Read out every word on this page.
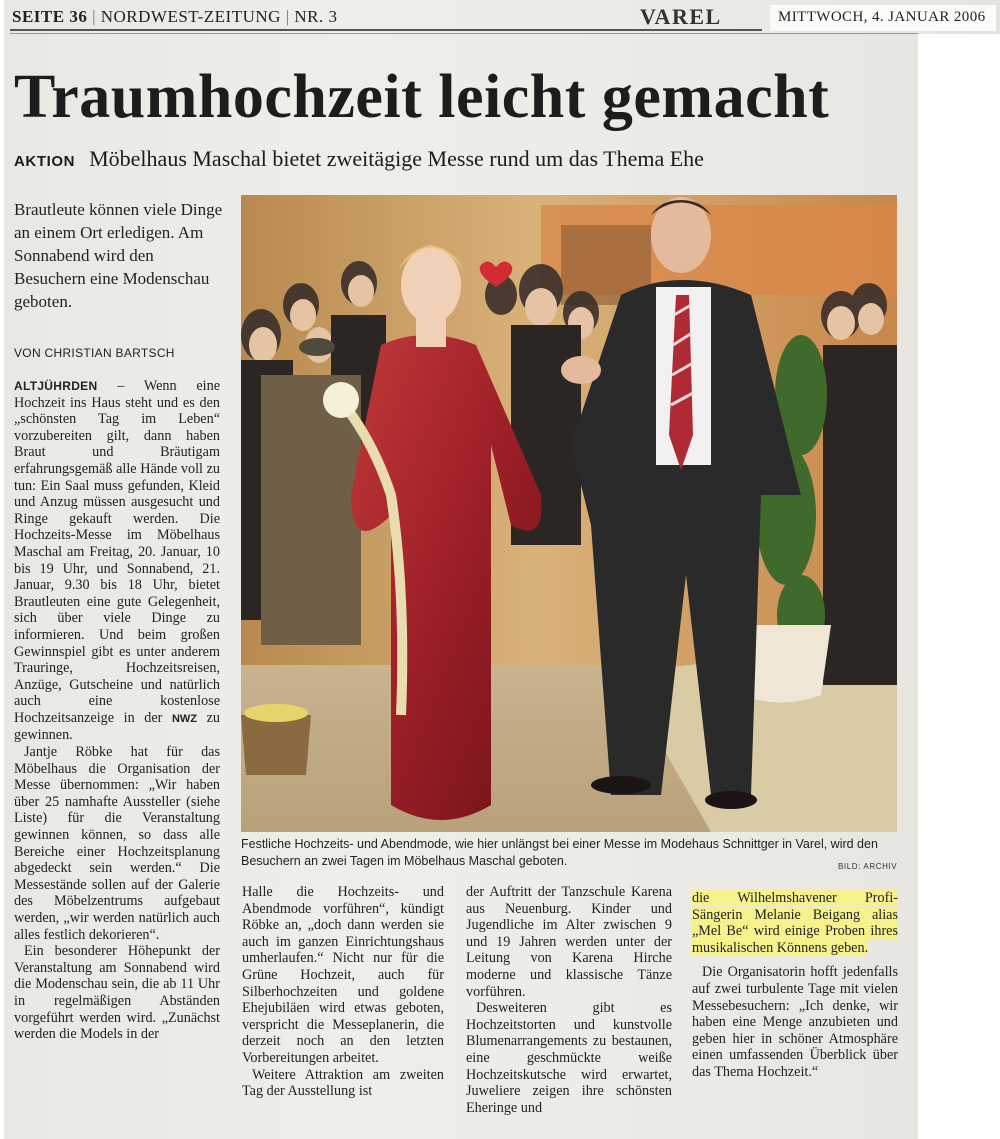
SEITE 36 | NORDWEST-ZEITUNG | NR. 3	VAREL	MITTWOCH, 4. JANUAR 2006
Traumhochzeit leicht gemacht
AKTION Möbelhaus Maschal bietet zweitägige Messe rund um das Thema Ehe
Brautleute können viele Dinge an einem Ort erledigen. Am Sonnabend wird den Besuchern eine Modenschau geboten.
VON CHRISTIAN BARTSCH

ALTJÜHRDEN – Wenn eine Hochzeit ins Haus steht und es den „schönsten Tag im Leben“ vorzubereiten gilt, dann haben Braut und Bräutigam erfahrungsgemäß alle Hände voll zu tun: Ein Saal muss gefunden, Kleid und Anzug müssen ausgesucht und Ringe gekauft werden. Die Hochzeits-Messe im Möbelhaus Maschal am Freitag, 20. Januar, 10 bis 19 Uhr, und Sonnabend, 21. Januar, 9.30 bis 18 Uhr, bietet Brautleuten eine gute Gelegenheit, sich über viele Dinge zu informieren. Und beim großen Gewinnspiel gibt es unter anderem Trauringe, Hochzeitsreisen, Anzüge, Gutscheine und natürlich auch eine kostenlose Hochzeitsanzeige in der NWZ zu gewinnen.

Jantje Röbke hat für das Möbelhaus die Organisation der Messe übernommen: „Wir haben über 25 namhafte Aussteller (siehe Liste) für die Veranstaltung gewinnen können, so dass alle Bereiche einer Hochzeitsplanung abgedeckt sein werden.“ Die Messestände sollen auf der Galerie des Möbelzentrums aufgebaut werden, „wir werden natürlich auch alles festlich dekorieren“.

Ein besonderer Höhepunkt der Veranstaltung am Sonnabend wird die Modenschau sein, die ab 11 Uhr in regelmäßigen Abständen vorgeführt werden wird. „Zunächst werden die Models in der

Festliche Hochzeits- und Abendmode, wie hier unlängst bei einer Messe im Modehaus Schnittger in Varel, wird den Besuchern an zwei Tagen im Möbelhaus Maschal geboten.	BILD: ARCHIV

Halle die Hochzeits- und Abendmode vorführen“, kündigt Röbke an, „doch dann werden sie auch im ganzen Einrichtungshaus umherlaufen.“ Nicht nur für die Grüne Hochzeit, auch für Silberhochzeiten und goldene Ehejubiläen wird etwas geboten, verspricht die Messeplanerin, die derzeit noch an den letzten Vorbereitungen arbeitet.

Weitere Attraktion am zweiten Tag der Ausstellung ist

der Auftritt der Tanzschule Karena aus Neuenburg. Kinder und Jugendliche im Alter zwischen 9 und 19 Jahren werden unter der Leitung von Karena Hirche moderne und klassische Tänze vorführen.

Desweiteren gibt es Hochzeitstorten und kunstvolle Blumenarrangements zu bestaunen, eine geschmückte weiße Hochzeitskutsche wird erwartet, Juweliere zeigen ihre schönsten Eheringe und

die Wilhelmshavener Profi-Sängerin Melanie Beigang alias „Mel Be“ wird einige Proben ihres musikalischen Könnens geben.

Die Organisatorin hofft jedenfalls auf zwei turbulente Tage mit vielen Messebesuchern: „Ich denke, wir haben eine Menge anzubieten und geben hier in schöner Atmosphäre einen umfassenden Überblick über das Thema Hochzeit.“
